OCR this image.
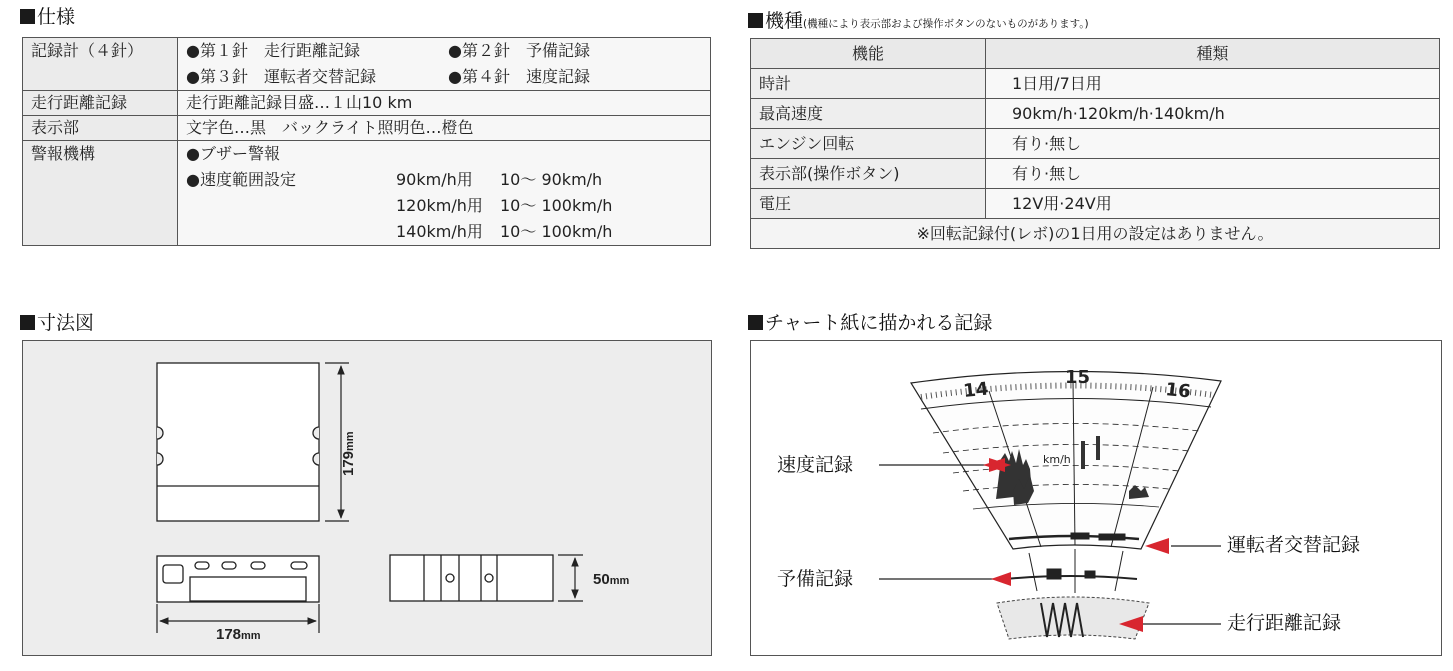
仕様
記録計（４針）	●第１針　走行距離記録 ●第２針　予備記録
●第３針　運転者交替記録 ●第４針　速度記録

走行距離記録	走行距離記録目盛…１山10 km

表示部	文字色…黒　バックライト照明色…橙色

警報機構	●ブザー警報
●速度範囲設定 90km/h用 10〜 90km/h
120km/h用 10〜 100km/h
140km/h用 10〜 100km/h
機種(機種により表示部および操作ボタンのないものがあります。)
機能	種類
時計	1日用/7日用
最高速度	90km/h·120km/h·140km/h
エンジン回転	有り·無し
表示部(操作ボタン)	有り·無し
電圧	12V用·24V用
※回転記録付(レボ)の1日用の設定はありません。	
寸法図
179mm
178mm
50mm
チャート紙に描かれる記録
14
15
16
km/h
速度記録
予備記録
運転者交替記録
走行距離記録
